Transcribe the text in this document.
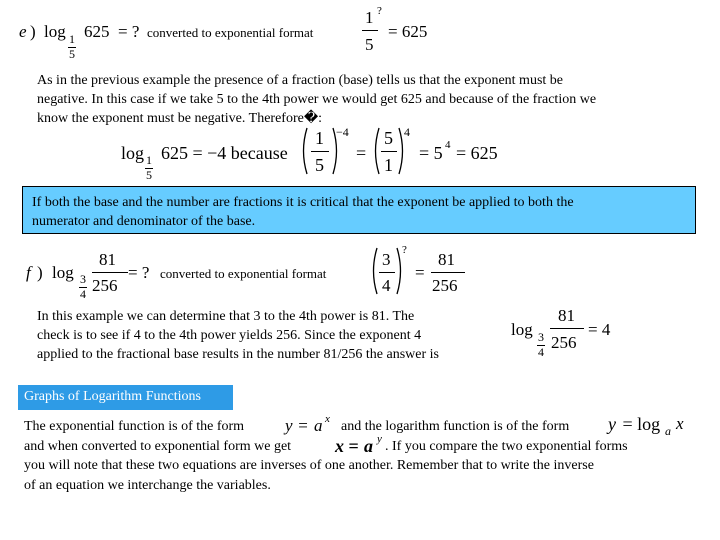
e ) log 1
5
625 = ? converted to exponential format
1
5
?
= 625
As in the previous example the presence of a fraction (base) tells us that the exponent must be
negative. In this case if we take 5 to the 4th power we would get 625 and because of the fraction we
know the exponent must be negative. Therefore�:
log 1
5
625 = −4 because
1
5
−4
=
5
1
4
= 5 4 = 625
If both the base and the number are fractions it is critical that the exponent be applied to both the
numerator and denominator of the base.
f ) log 3
4
81
256
= ? converted to exponential format
3
4
?
=
81
256
In this example we can determine that 3 to the 4th power is 81. The
check is to see if 4 to the 4th power yields 256. Since the exponent 4
applied to the fractional base results in the number 81/256 the answer is
log 3
4
81
256
= 4
Graphs of Logarithm Functions
The exponential function is of the form y = a x and the logarithm function is of the form y = log a x
and when converted to exponential form we get x = a y . If you compare the two exponential forms
you will note that these two equations are inverses of one another. Remember that to write the inverse
of an equation we interchange the variables.
